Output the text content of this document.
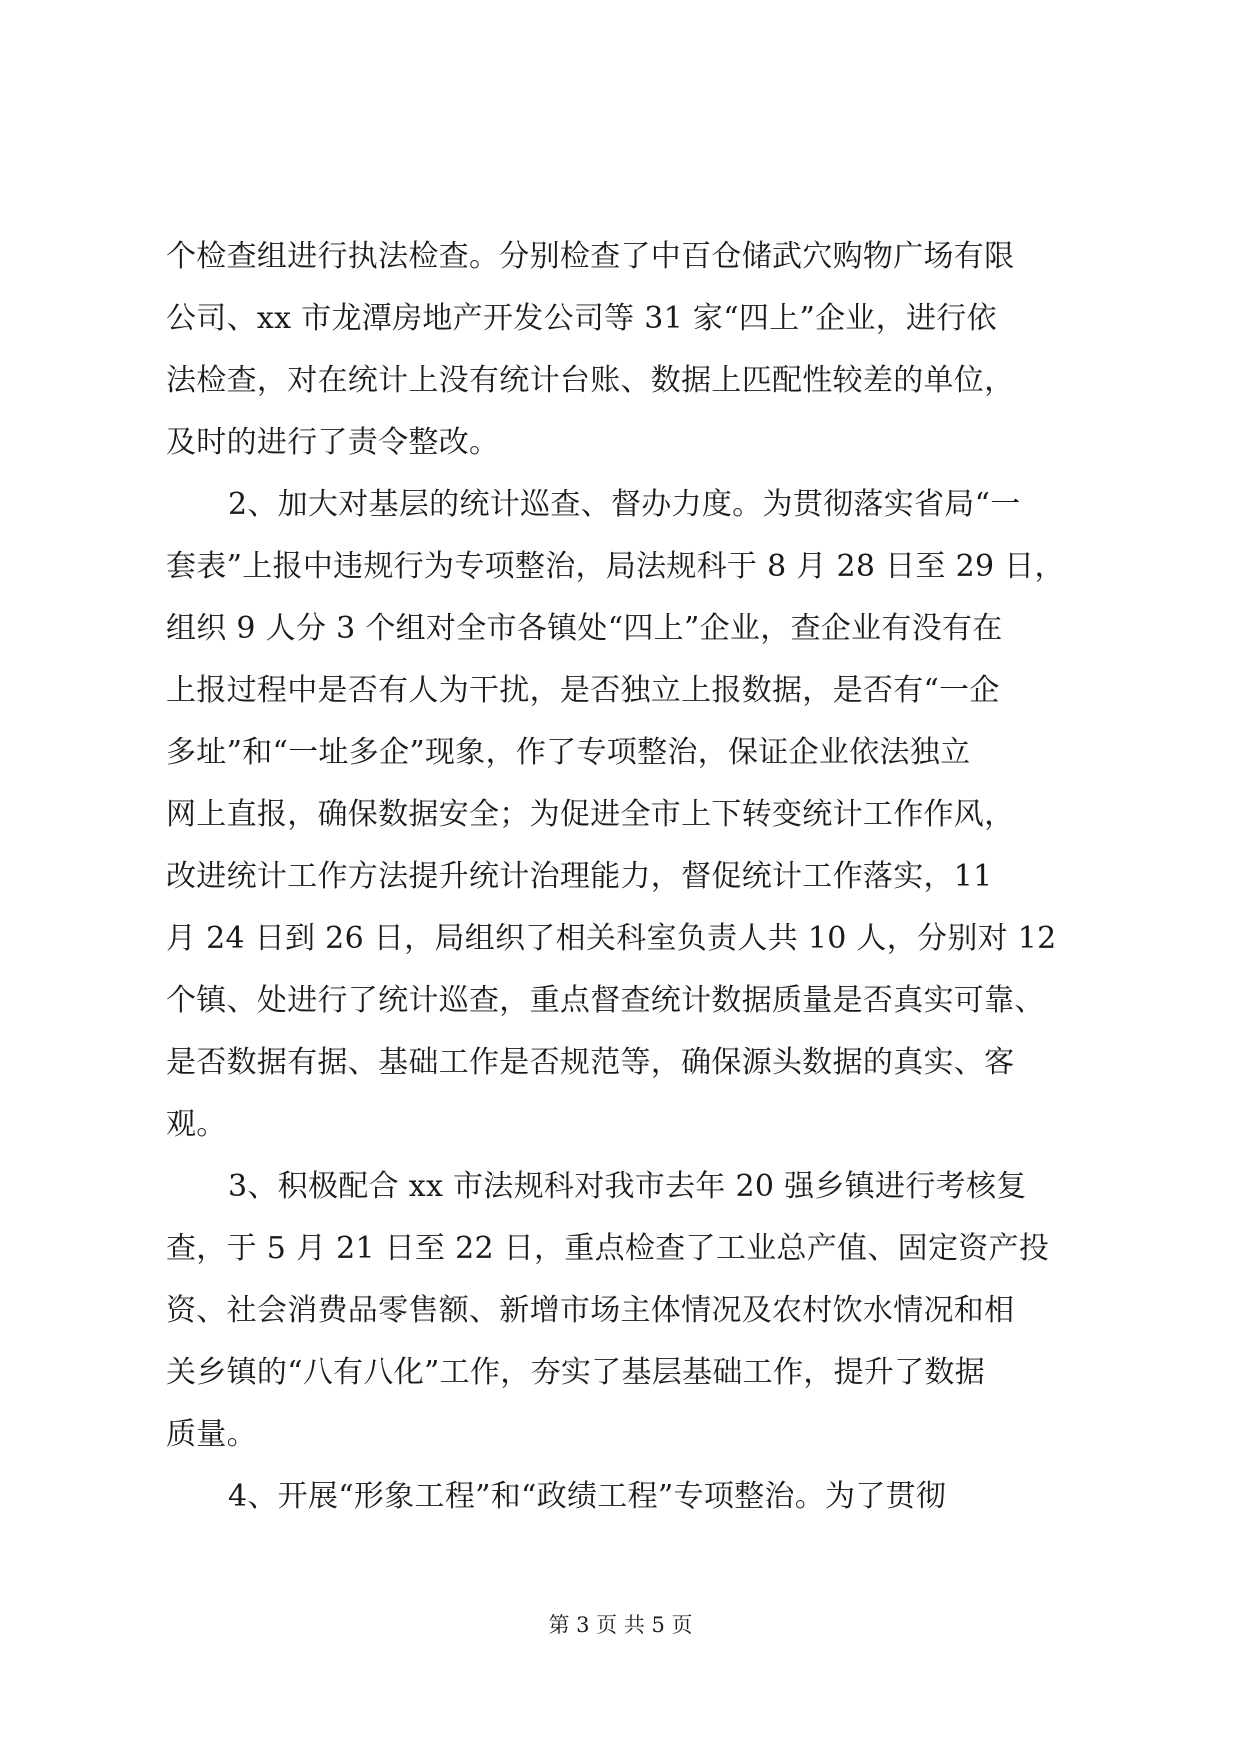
个检查组进行执法检查。分别检查了中百仓储武穴购物广场有限
公司、xx 市龙潭房地产开发公司等 31 家“四上”企业，进行依
法检查，对在统计上没有统计台账、数据上匹配性较差的单位，
及时的进行了责令整改。
2、加大对基层的统计巡查、督办力度。为贯彻落实省局“一
套表”上报中违规行为专项整治，局法规科于 8 月 28 日至 29 日，
组织 9 人分 3 个组对全市各镇处“四上”企业，查企业有没有在
上报过程中是否有人为干扰，是否独立上报数据，是否有“一企
多址”和“一址多企”现象，作了专项整治，保证企业依法独立
网上直报，确保数据安全；为促进全市上下转变统计工作作风，
改进统计工作方法提升统计治理能力，督促统计工作落实，11
月 24 日到 26 日，局组织了相关科室负责人共 10 人，分别对 12
个镇、处进行了统计巡查，重点督查统计数据质量是否真实可靠、
是否数据有据、基础工作是否规范等，确保源头数据的真实、客
观。
3、积极配合 xx 市法规科对我市去年 20 强乡镇进行考核复
查，于 5 月 21 日至 22 日，重点检查了工业总产值、固定资产投
资、社会消费品零售额、新增市场主体情况及农村饮水情况和相
关乡镇的“八有八化”工作，夯实了基层基础工作，提升了数据
质量。
4、开展“形象工程”和“政绩工程”专项整治。为了贯彻
第 3 页 共 5 页
